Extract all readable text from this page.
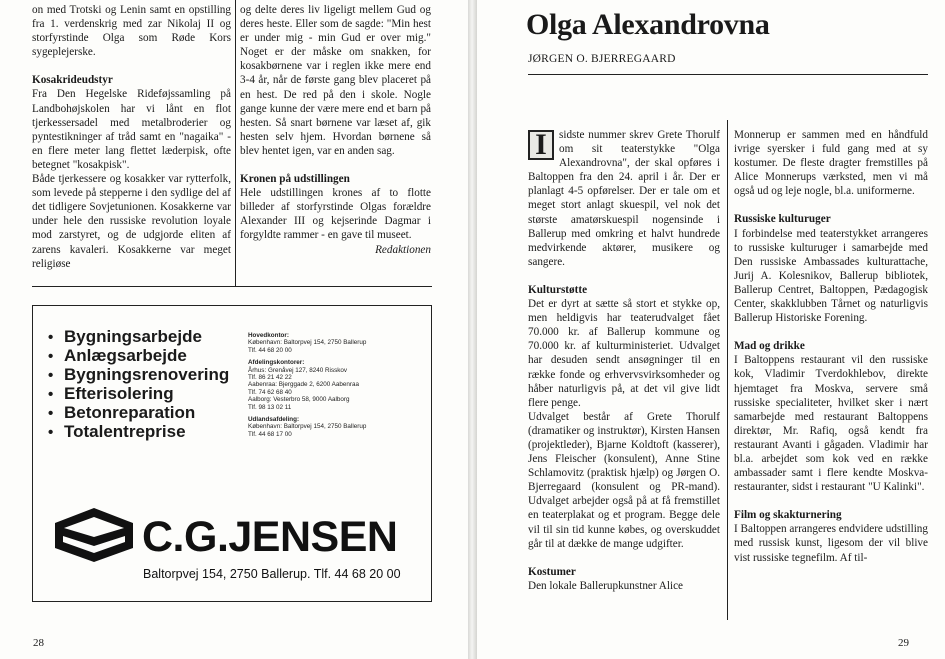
on med Trotski og Lenin samt en opstilling fra 1. verdenskrig med zar Nikolaj II og storfyrstinde Olga som Røde Kors sygeplejerske.

Kosakrideudstyr

Fra Den Hegelske Rideføjssamling på Landbohøjskolen har vi lånt en flot tjerkessersadel med metalbroderier og pyntestikninger af tråd samt en "nagaika" - en flere meter lang flettet læderpisk, ofte betegnet "kosakpisk".

Både tjerkessere og kosakker var rytterfolk, som levede på stepperne i den sydlige del af det tidligere Sovjetunionen. Kosakkerne var under hele den russiske revolution loyale mod zarstyret, og de udgjorde eliten af zarens kavaleri. Kosakkerne var meget religiøse

og delte deres liv ligeligt mellem Gud og deres heste. Eller som de sagde: "Min hest er under mig - min Gud er over mig." Noget er der måske om snakken, for kosakbørnene var i reglen ikke mere end 3-4 år, når de første gang blev placeret på en hest. De red på den i skole. Nogle gange kunne der være mere end et barn på hesten. Så snart børnene var læset af, gik hesten selv hjem. Hvordan børnene så blev hentet igen, var en anden sag.

Kronen på udstillingen

Hele udstillingen krones af to flotte billeder af storfyrstinde Olgas forældre Alexander III og kejserinde Dagmar i forgyldte rammer - en gave til museet.

Redaktionen
• Bygningsarbejde
• Anlægsarbejde
• Bygningsrenovering
• Efterisolering
• Betonreparation
• Totalentreprise
Hovedkontor:
København: Baltorpvej 154, 2750 Ballerup
Tlf. 44 68 20 00
Afdelingskontorer:
Århus: Grenåvej 127, 8240 Risskov
Tlf. 86 21 42 22
Aabenraa: Bjerggade 2, 6200 Aabenraa
Tlf. 74 62 68 40
Aalborg: Vesterbro 58, 9000 Aalborg
Tlf. 98 13 02 11
Udlandsafdeling:
København: Baltorpvej 154, 2750 Ballerup
Tlf. 44 68 17 00
C.G.JENSEN
Baltorpvej 154, 2750 Ballerup. Tlf. 44 68 20 00
28
Olga Alexandrovna
JØRGEN O. BJERREGAARD
I	sidste nummer skrev Grete Thorulf om sit teaterstykke "Olga Alexandrovna", der skal opføres i Baltoppen fra den 24. april i år. Der er planlagt 4-5 opførelser. Der er tale om et meget stort anlagt skuespil, vel nok det største amatørskuespil nogensinde i Ballerup med omkring et halvt hundrede medvirkende aktører, musikere og sangere.

Kulturstøtte

Det er dyrt at sætte så stort et stykke op, men heldigvis har teaterudvalget fået 70.000 kr. af Ballerup kommune og 70.000 kr. af kulturministeriet. Udvalget har desuden sendt ansøgninger til en række fonde og erhvervsvirksomheder og håber naturligvis på, at det vil give lidt flere penge.

Udvalget består af Grete Thorulf (dramatiker og instruktør), Kirsten Hansen (projektleder), Bjarne Koldtoft (kasserer), Jens Fleischer (konsulent), Anne Stine Schlamovitz (praktisk hjælp) og Jørgen O. Bjerregaard (konsulent og PR-mand). Udvalget arbejder også på at få fremstillet en teaterplakat og et program. Begge dele vil til sin tid kunne købes, og overskuddet går til at dække de mange udgifter.

Kostumer

Den lokale Ballerupkunstner Alice

Monnerup er sammen med en håndfuld ivrige syersker i fuld gang med at sy kostumer. De fleste dragter fremstilles på Alice Monnerups værksted, men vi må også ud og leje nogle, bl.a. uniformerne.

Russiske kulturuger

I forbindelse med teaterstykket arrangeres to russiske kulturuger i samarbejde med Den russiske Ambassades kulturattache, Jurij A. Kolesnikov, Ballerup bibliotek, Ballerup Centret, Baltoppen, Pædagogisk Center, skakklubben Tårnet og naturligvis Ballerup Historiske Forening.

Mad og drikke

I Baltoppens restaurant vil den russiske kok, Vladimir Tverdokhlebov, direkte hjemtaget fra Moskva, servere små russiske specialiteter, hvilket sker i nært samarbejde med restaurant Baltoppens direktør, Mr. Rafiq, også kendt fra restaurant Avanti i gågaden. Vladimir har bl.a. arbejdet som kok ved en række ambassader samt i flere kendte Moskva-restauranter, sidst i restaurant "U Kalinki".

Film og skakturnering

I Baltoppen arrangeres endvidere udstilling med russisk kunst, ligesom der vil blive vist russiske tegnefilm. Af til-

29
